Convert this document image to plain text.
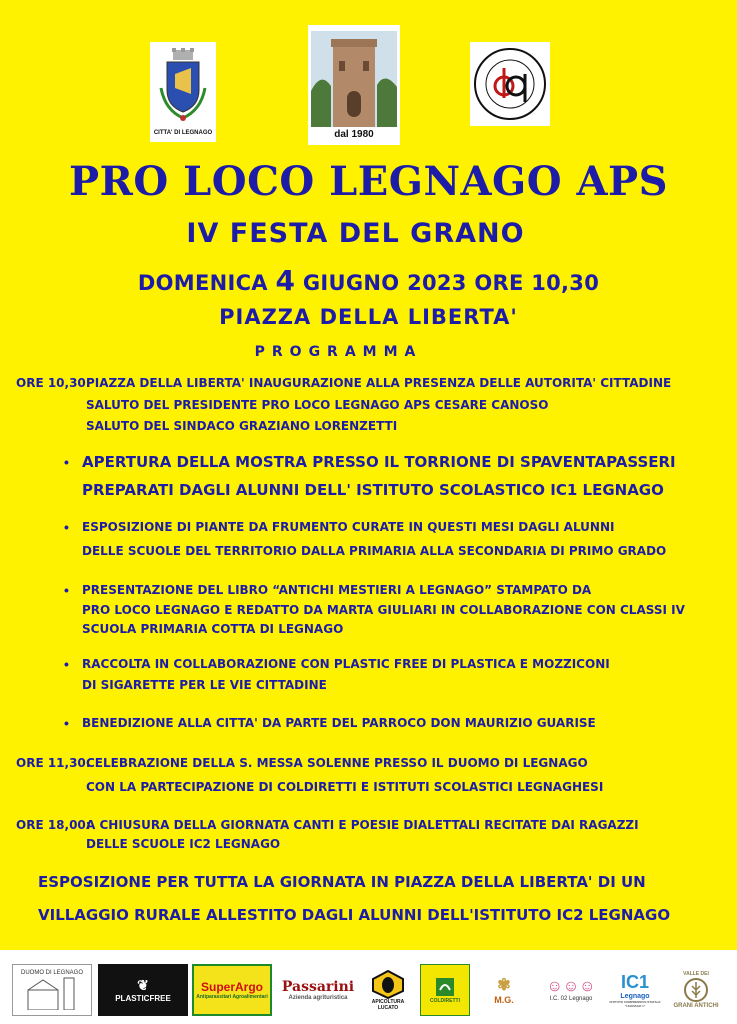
CITTA' DI LEGNAGO	dal 1980
PRO LOCO LEGNAGO APS
IV FESTA DEL GRANO
DOMENICA 4 GIUGNO 2023 ORE 10,30
PIAZZA DELLA LIBERTA'
PROGRAMMA
ORE 10,30:
PIAZZA DELLA LIBERTA' INAUGURAZIONE ALLA PRESENZA DELLE AUTORITA' CITTADINE
SALUTO DEL PRESIDENTE PRO LOCO LEGNAGO APS CESARE CANOSO
SALUTO DEL SINDACO GRAZIANO LORENZETTI
• APERTURA DELLA MOSTRA PRESSO IL TORRIONE DI SPAVENTAPASSERI
PREPARATI DAGLI ALUNNI DELL' ISTITUTO SCOLASTICO IC1 LEGNAGO
• ESPOSIZIONE DI PIANTE DA FRUMENTO CURATE IN QUESTI MESI DAGLI ALUNNI
DELLE SCUOLE DEL TERRITORIO DALLA PRIMARIA ALLA SECONDARIA DI PRIMO GRADO
• PRESENTAZIONE DEL LIBRO “ANTICHI MESTIERI A LEGNAGO” STAMPATO DA
PRO LOCO LEGNAGO E REDATTO DA MARTA GIULIARI IN COLLABORAZIONE CON CLASSI IV
SCUOLA PRIMARIA COTTA DI LEGNAGO
• RACCOLTA IN COLLABORAZIONE CON PLASTIC FREE DI PLASTICA E MOZZICONI
DI SIGARETTE PER LE VIE CITTADINE
• BENEDIZIONE ALLA CITTA' DA PARTE DEL PARROCO DON MAURIZIO GUARISE
ORE 11,30:
CELEBRAZIONE DELLA S. MESSA SOLENNE PRESSO IL DUOMO DI LEGNAGO
CON LA PARTECIPAZIONE DI COLDIRETTI E ISTITUTI SCOLASTICI LEGNAGHESI
ORE 18,00:
A CHIUSURA DELLA GIORNATA CANTI E POESIE DIALETTALI RECITATE DAI RAGAZZI
DELLE SCUOLE IC2 LEGNAGO
ESPOSIZIONE PER TUTTA LA GIORNATA IN PIAZZA DELLA LIBERTA' DI UN
VILLAGGIO RURALE ALLESTITO DAGLI ALUNNI DELL'ISTITUTO IC2 LEGNAGO
DUOMO DI LEGNAGO
❦
PLASTICFREE
SuperArgo
Antiparassitari Agroalimentari
Passarini
Azienda agrituristica
APICOLTURA LUCATO
COLDIRETTI
✾
M.G.
☺☺☺
I.C. 02 Legnago
IC1
Legnago
ISTITUTO COMPRENSIVO STATALE "LEGNAGO 1"
VALLE DEI
GRANI ANTICHI
